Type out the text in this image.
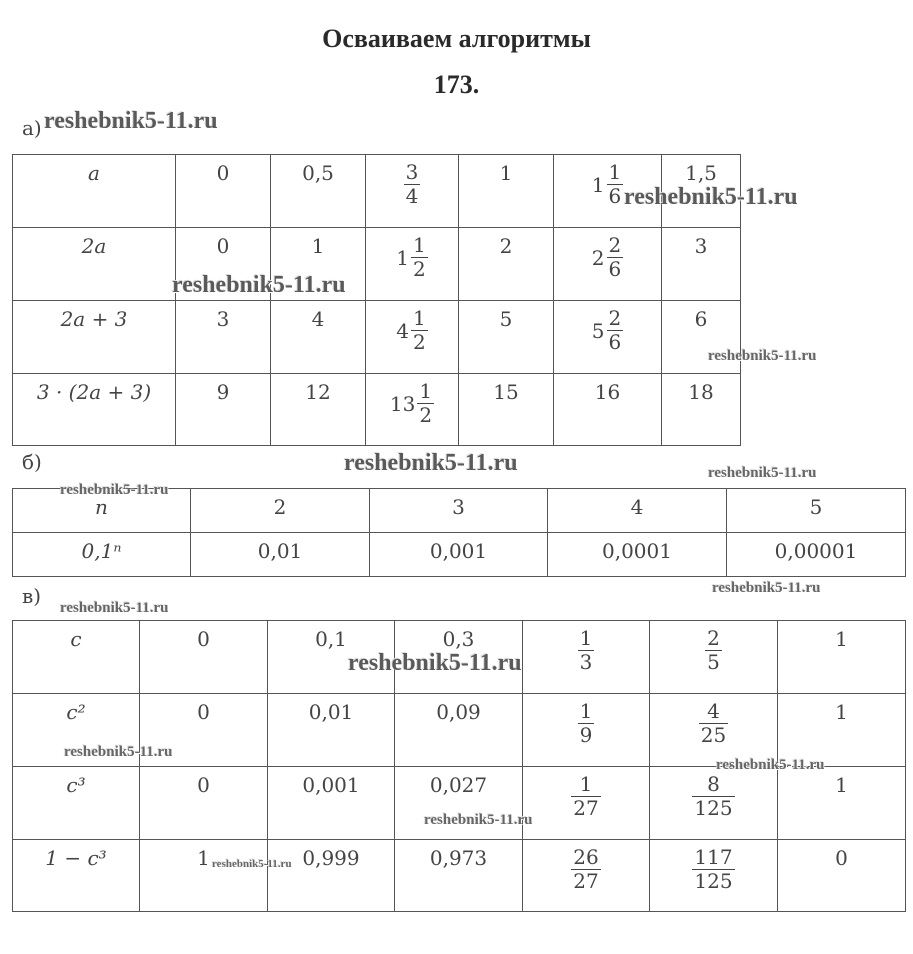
Осваиваем алгоритмы
173.
а)
a	0	0,5	$\frac{3}{4}$	1	$1 \frac{1}{6}$	1,5
2a	0	1	$1 \frac{1}{2}$	2	$2 \frac{2}{6}$	3
2a + 3	3	4	$4 \frac{1}{2}$	5	$5 \frac{2}{6}$	6
3 · (2a + 3)	9	12	$13 \frac{1}{2}$	15	16	18
б)
n	2	3	4	5
0,1ⁿ	0,01	0,001	0,0001	0,00001
в)
c	0	0,1	0,3	$\frac{1}{3}$	$\frac{2}{5}$	1
c²	0	0,01	0,09	$\frac{1}{9}$	$\frac{4}{25}$	1
c³	0	0,001	0,027	$\frac{1}{27}$	$\frac{8}{125}$	1
1 − c³	1	0,999	0,973	$\frac{26}{27}$	$\frac{117}{125}$	0
reshebnik5-11.ru
reshebnik5-11.ru
reshebnik5-11.ru
reshebnik5-11.ru
reshebnik5-11.ru	reshebnik5-11.ru
reshebnik5-11.ru
reshebnik5-11.ru
reshebnik5-11.ru
reshebnik5-11.ru
reshebnik5-11.ru
reshebnik5-11.ru
reshebnik5-11.ru
reshebnik5-11.ru
